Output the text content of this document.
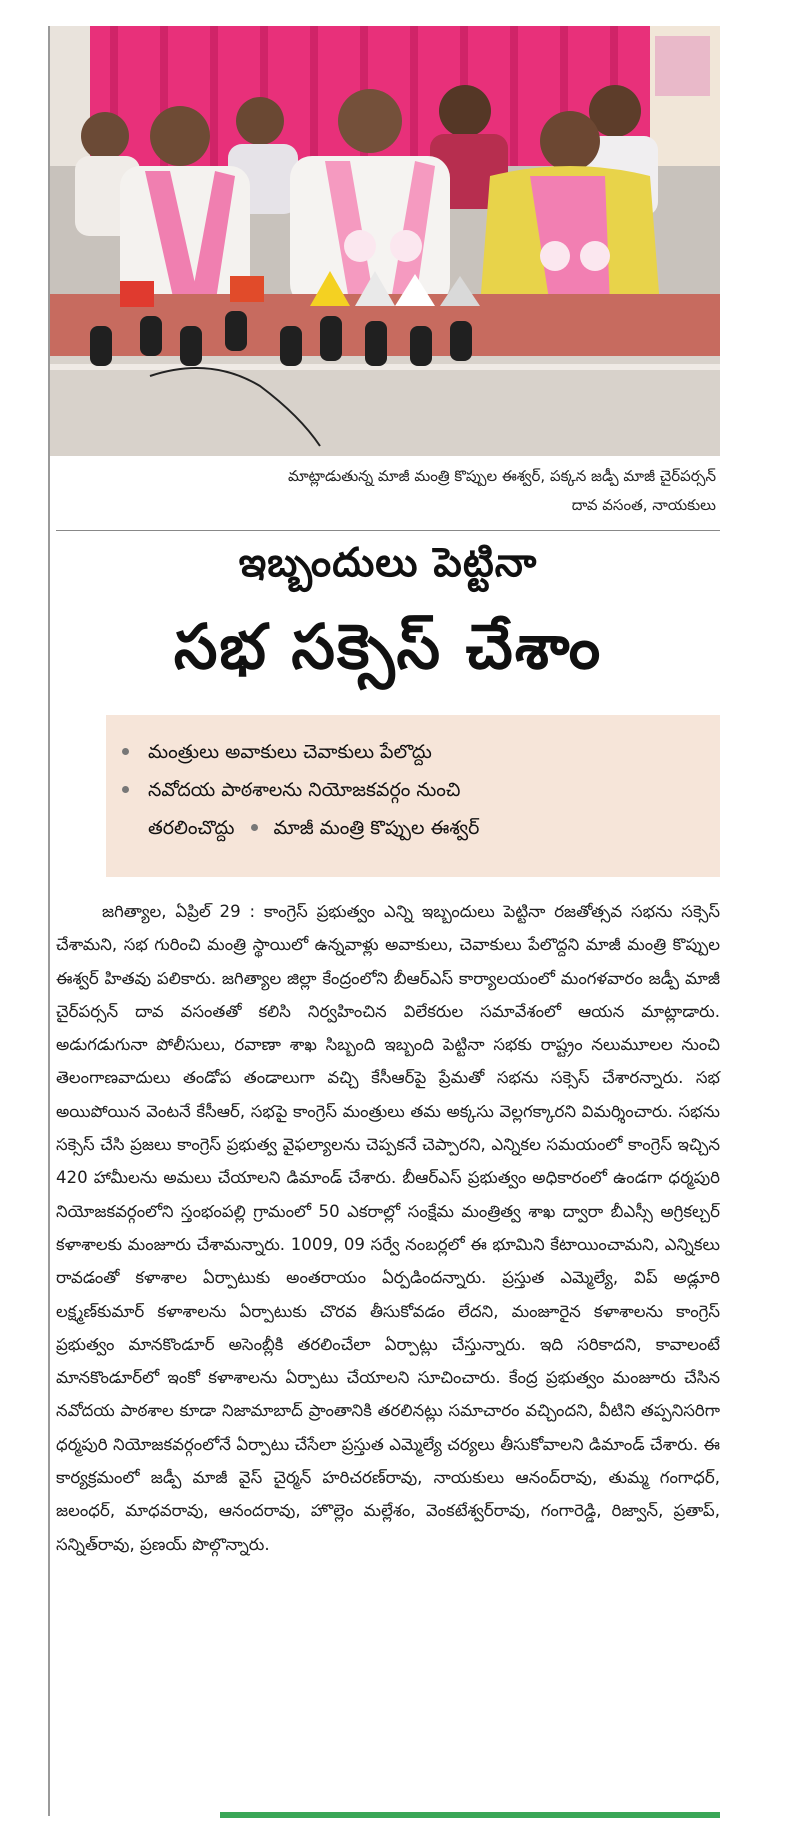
మాట్లాడుతున్న మాజీ మంత్రి కొప్పుల ఈశ్వర్, పక్కన జడ్పీ మాజీ చైర్‌పర్సన్
దావ వసంత, నాయకులు
ఇబ్బందులు పెట్టినా
సభ సక్సెస్ చేశాం
మంత్రులు అవాకులు చెవాకులు పేలొద్దు
నవోదయ పాఠశాలను నియోజకవర్గం నుంచి
తరలించొద్దు మాజీ మంత్రి కొప్పుల ఈశ్వర్
జగిత్యాల, ఏప్రిల్ 29 : కాంగ్రెస్ ప్రభుత్వం ఎన్ని ఇబ్బందులు పెట్టినా రజతోత్సవ సభను సక్సెస్ చేశామని, సభ గురించి మంత్రి స్థాయిలో ఉన్నవాళ్లు అవాకులు, చెవాకులు పేలొద్దని మాజీ మంత్రి కొప్పుల ఈశ్వర్ హితవు పలికారు. జగిత్యాల జిల్లా కేంద్రంలోని బీఆర్ఎస్ కార్యాలయంలో మంగళవారం జడ్పీ మాజీ చైర్‌పర్సన్ దావ వసంతతో కలిసి నిర్వహించిన విలేకరుల సమావేశంలో ఆయన మాట్లాడారు. అడుగడుగునా పోలీసులు, రవాణా శాఖ సిబ్బంది ఇబ్బంది పెట్టినా సభకు రాష్ట్రం నలుమూలల నుంచి తెలంగాణవాదులు తండోప తండాలుగా వచ్చి కేసీఆర్‌పై ప్రేమతో సభను సక్సెస్ చేశారన్నారు. సభ అయిపోయిన వెంటనే కేసీఆర్, సభపై కాంగ్రెస్ మంత్రులు తమ అక్కసు వెల్లగక్కారని విమర్శించారు. సభను సక్సెస్ చేసి ప్రజలు కాంగ్రెస్ ప్రభుత్వ వైఫల్యాలను చెప్పకనే చెప్పారని, ఎన్నికల సమయంలో కాంగ్రెస్ ఇచ్చిన 420 హామీలను అమలు చేయాలని డిమాండ్ చేశారు. బీఆర్ఎస్ ప్రభుత్వం అధికారంలో ఉండగా ధర్మపురి నియోజకవర్గంలోని స్తంభంపల్లి గ్రామంలో 50 ఎకరాల్లో సంక్షేమ మంత్రిత్వ శాఖ ద్వారా బీఎస్సీ అగ్రికల్చర్ కళాశాలకు మంజూరు చేశామన్నారు. 1009, 09 సర్వే నంబర్లలో ఈ భూమిని కేటాయించామని, ఎన్నికలు రావడంతో కళాశాల ఏర్పాటుకు అంతరాయం ఏర్పడిందన్నారు. ప్రస్తుత ఎమ్మెల్యే, విప్ అడ్లూరి లక్ష్మణ్‌కుమార్ కళాశాలను ఏర్పాటుకు చొరవ తీసుకోవడం లేదని, మంజూరైన కళాశాలను కాంగ్రెస్ ప్రభుత్వం మానకొండూర్ అసెంబ్లీకి తరలించేలా ఏర్పాట్లు చేస్తున్నారు. ఇది సరికాదని, కావాలంటే మానకొండూర్‌లో ఇంకో కళాశాలను ఏర్పాటు చేయాలని సూచించారు. కేంద్ర ప్రభుత్వం మంజూరు చేసిన నవోదయ పాఠశాల కూడా నిజామాబాద్ ప్రాంతానికి తరలినట్లు సమాచారం వచ్చిందని, వీటిని తప్పనిసరిగా ధర్మపురి నియోజకవర్గంలోనే ఏర్పాటు చేసేలా ప్రస్తుత ఎమ్మెల్యే చర్యలు తీసుకోవాలని డిమాండ్ చేశారు. ఈ కార్యక్రమంలో జడ్పీ మాజీ వైస్ చైర్మన్ హరిచరణ్‌రావు, నాయకులు ఆనంద్‌రావు, తుమ్మ గంగాధర్, జలంధర్, మాధవరావు, ఆనందరావు, హొల్లెం మల్లేశం, వెంకటేశ్వర్‌రావు, గంగారెడ్డి, రిజ్వాన్, ప్రతాప్, సన్నిత్‌రావు, ప్రణయ్ పొల్గొన్నారు.
